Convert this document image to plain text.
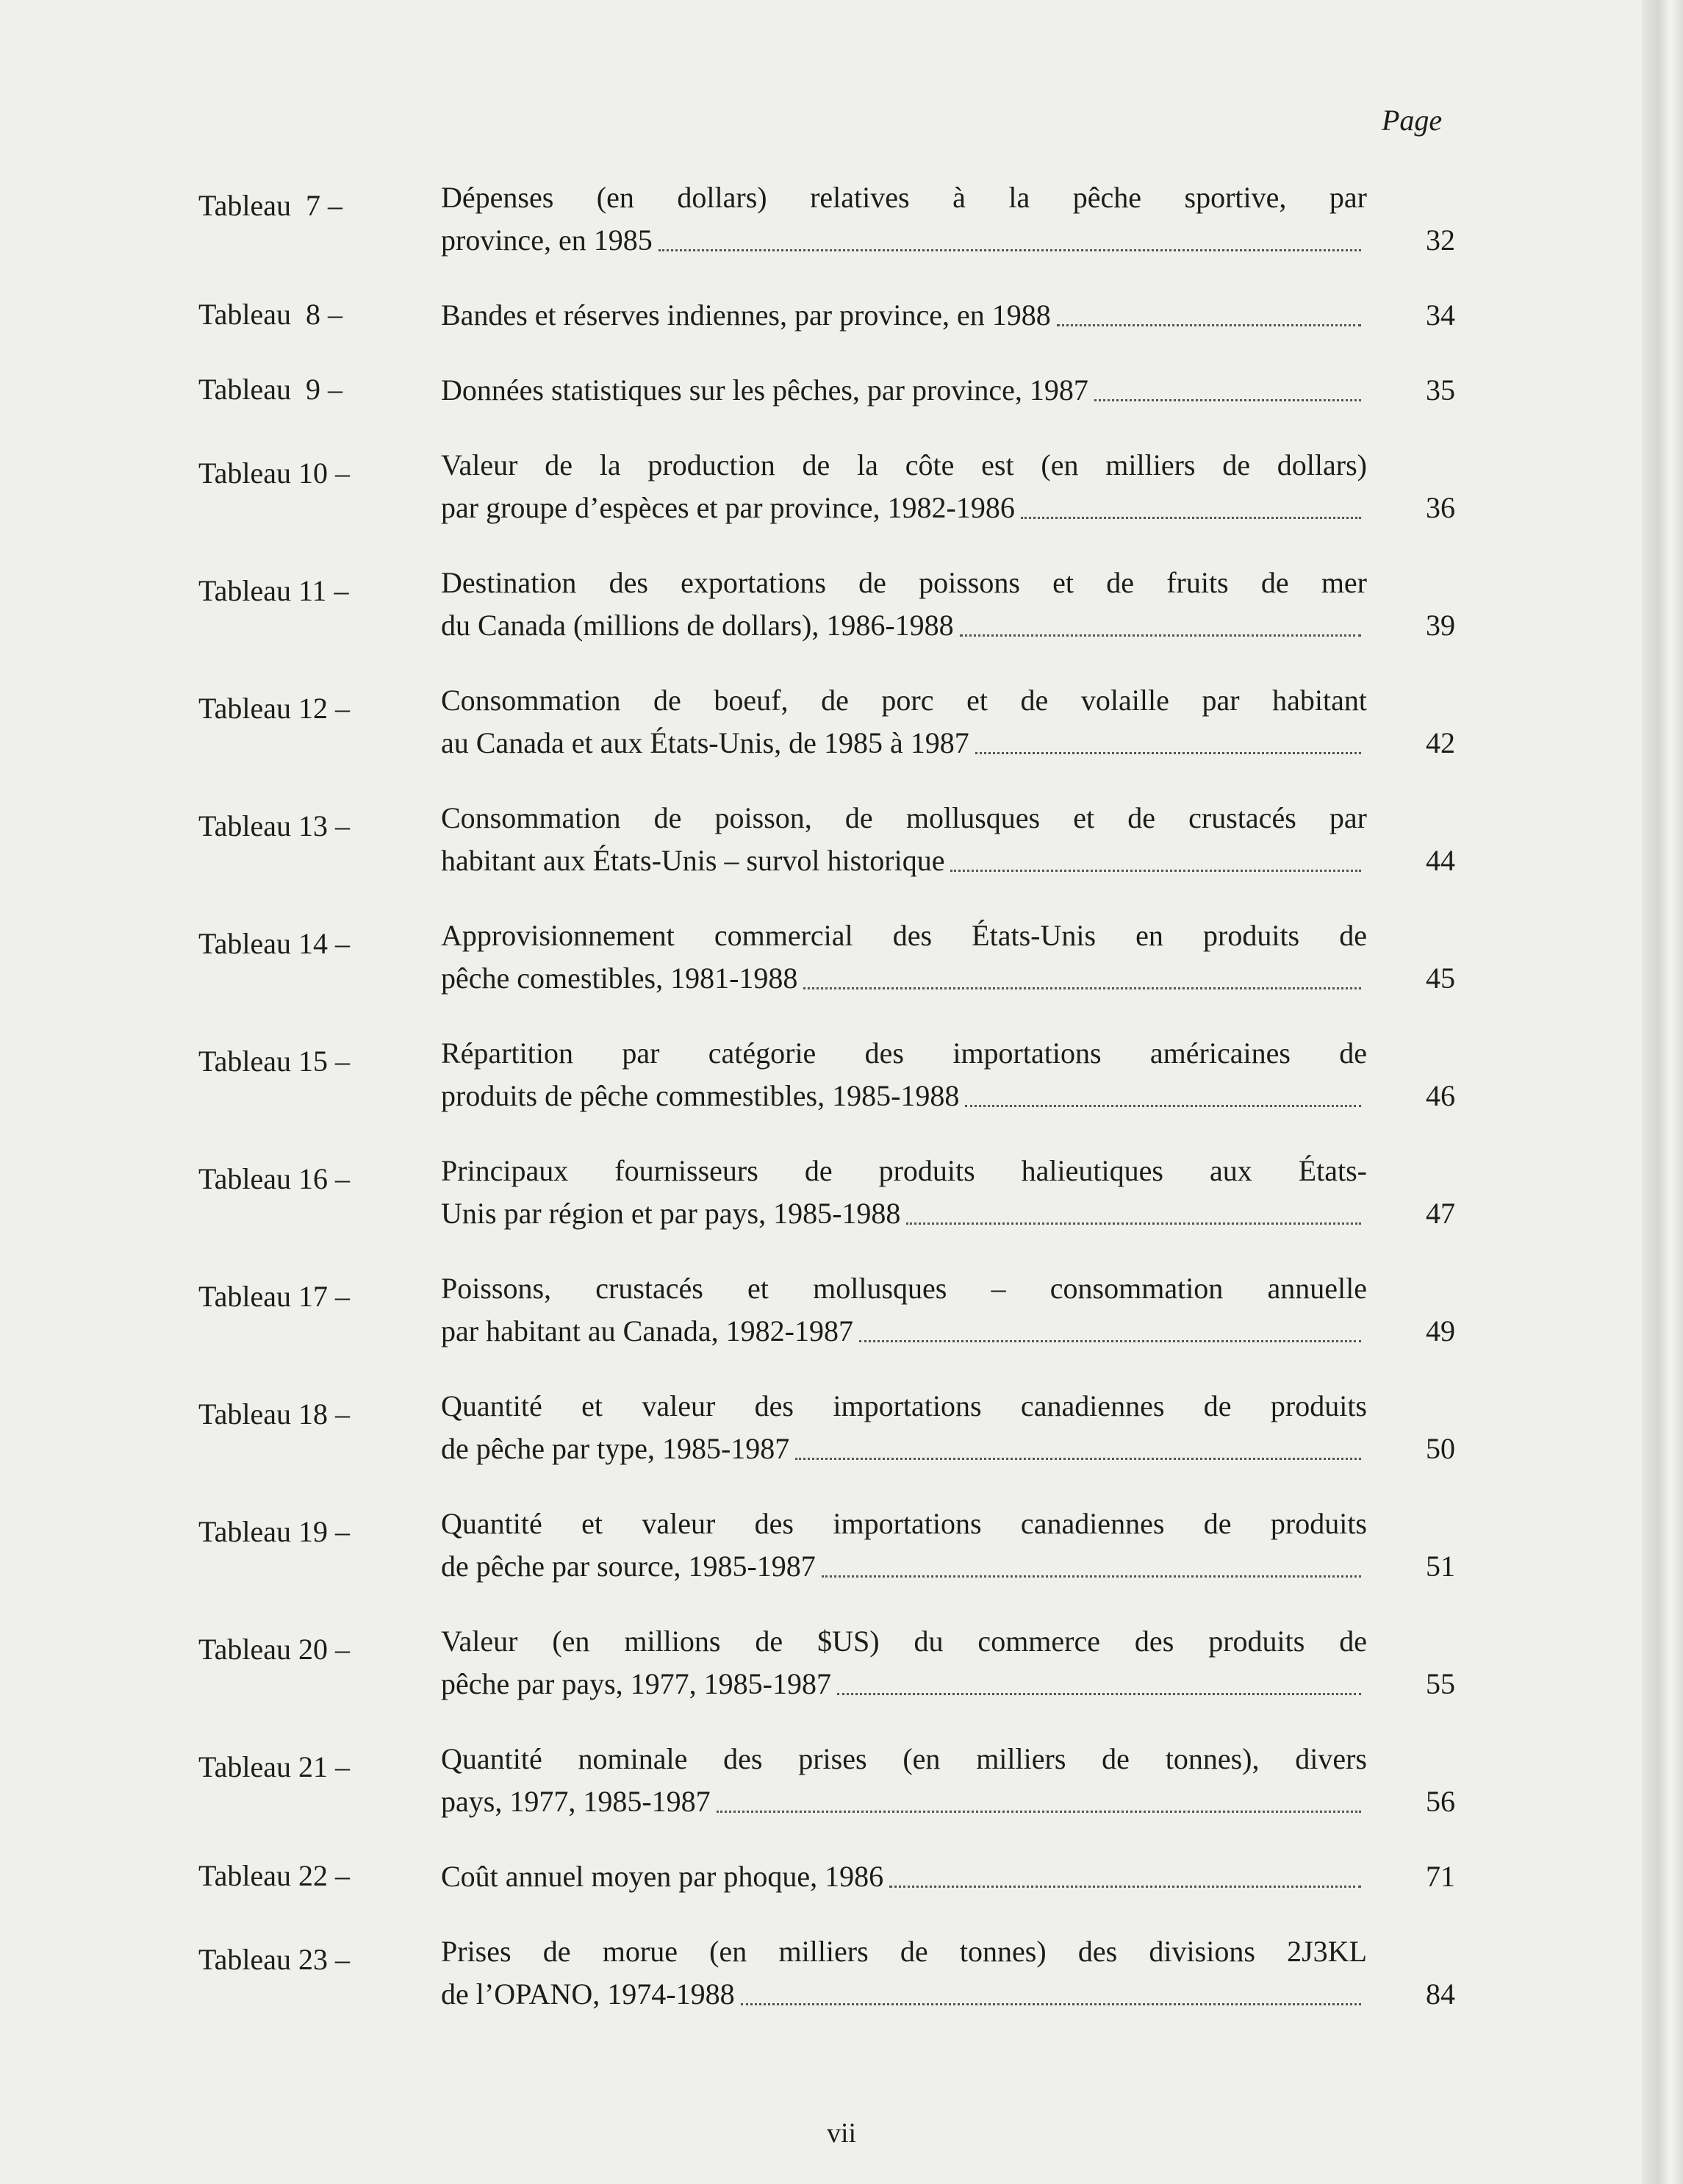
Page
Tableau  7 –	Dépenses (en dollars) relatives à la pêche sportive, par
province, en 1985	32
Tableau  8 –	Bandes et réserves indiennes, par province, en 1988	34
Tableau  9 –	Données statistiques sur les pêches, par province, 1987	35
Tableau 10 –	Valeur de la production de la côte est (en milliers de dollars)
par groupe d’espèces et par province, 1982-1986	36
Tableau 11 –	Destination des exportations de poissons et de fruits de mer
du Canada (millions de dollars), 1986-1988	39
Tableau 12 –	Consommation de boeuf, de porc et de volaille par habitant
au Canada et aux États-Unis, de 1985 à 1987	42
Tableau 13 –	Consommation de poisson, de mollusques et de crustacés par
habitant aux États-Unis – survol historique	44
Tableau 14 –	Approvisionnement commercial des États-Unis en produits de
pêche comestibles, 1981-1988	45
Tableau 15 –	Répartition par catégorie des importations américaines de
produits de pêche commestibles, 1985-1988	46
Tableau 16 –	Principaux fournisseurs de produits halieutiques aux États-
Unis par région et par pays, 1985-1988	47
Tableau 17 –	Poissons, crustacés et mollusques – consommation annuelle
par habitant au Canada, 1982-1987	49
Tableau 18 –	Quantité et valeur des importations canadiennes de produits
de pêche par type, 1985-1987	50
Tableau 19 –	Quantité et valeur des importations canadiennes de produits
de pêche par source, 1985-1987	51
Tableau 20 –	Valeur (en millions de $US) du commerce des produits de
pêche par pays, 1977, 1985-1987	55
Tableau 21 –	Quantité nominale des prises (en milliers de tonnes), divers
pays, 1977, 1985-1987	56
Tableau 22 –	Coût annuel moyen par phoque, 1986	71
Tableau 23 –	Prises de morue (en milliers de tonnes) des divisions 2J3KL
de l’OPANO, 1974-1988	84
vii
